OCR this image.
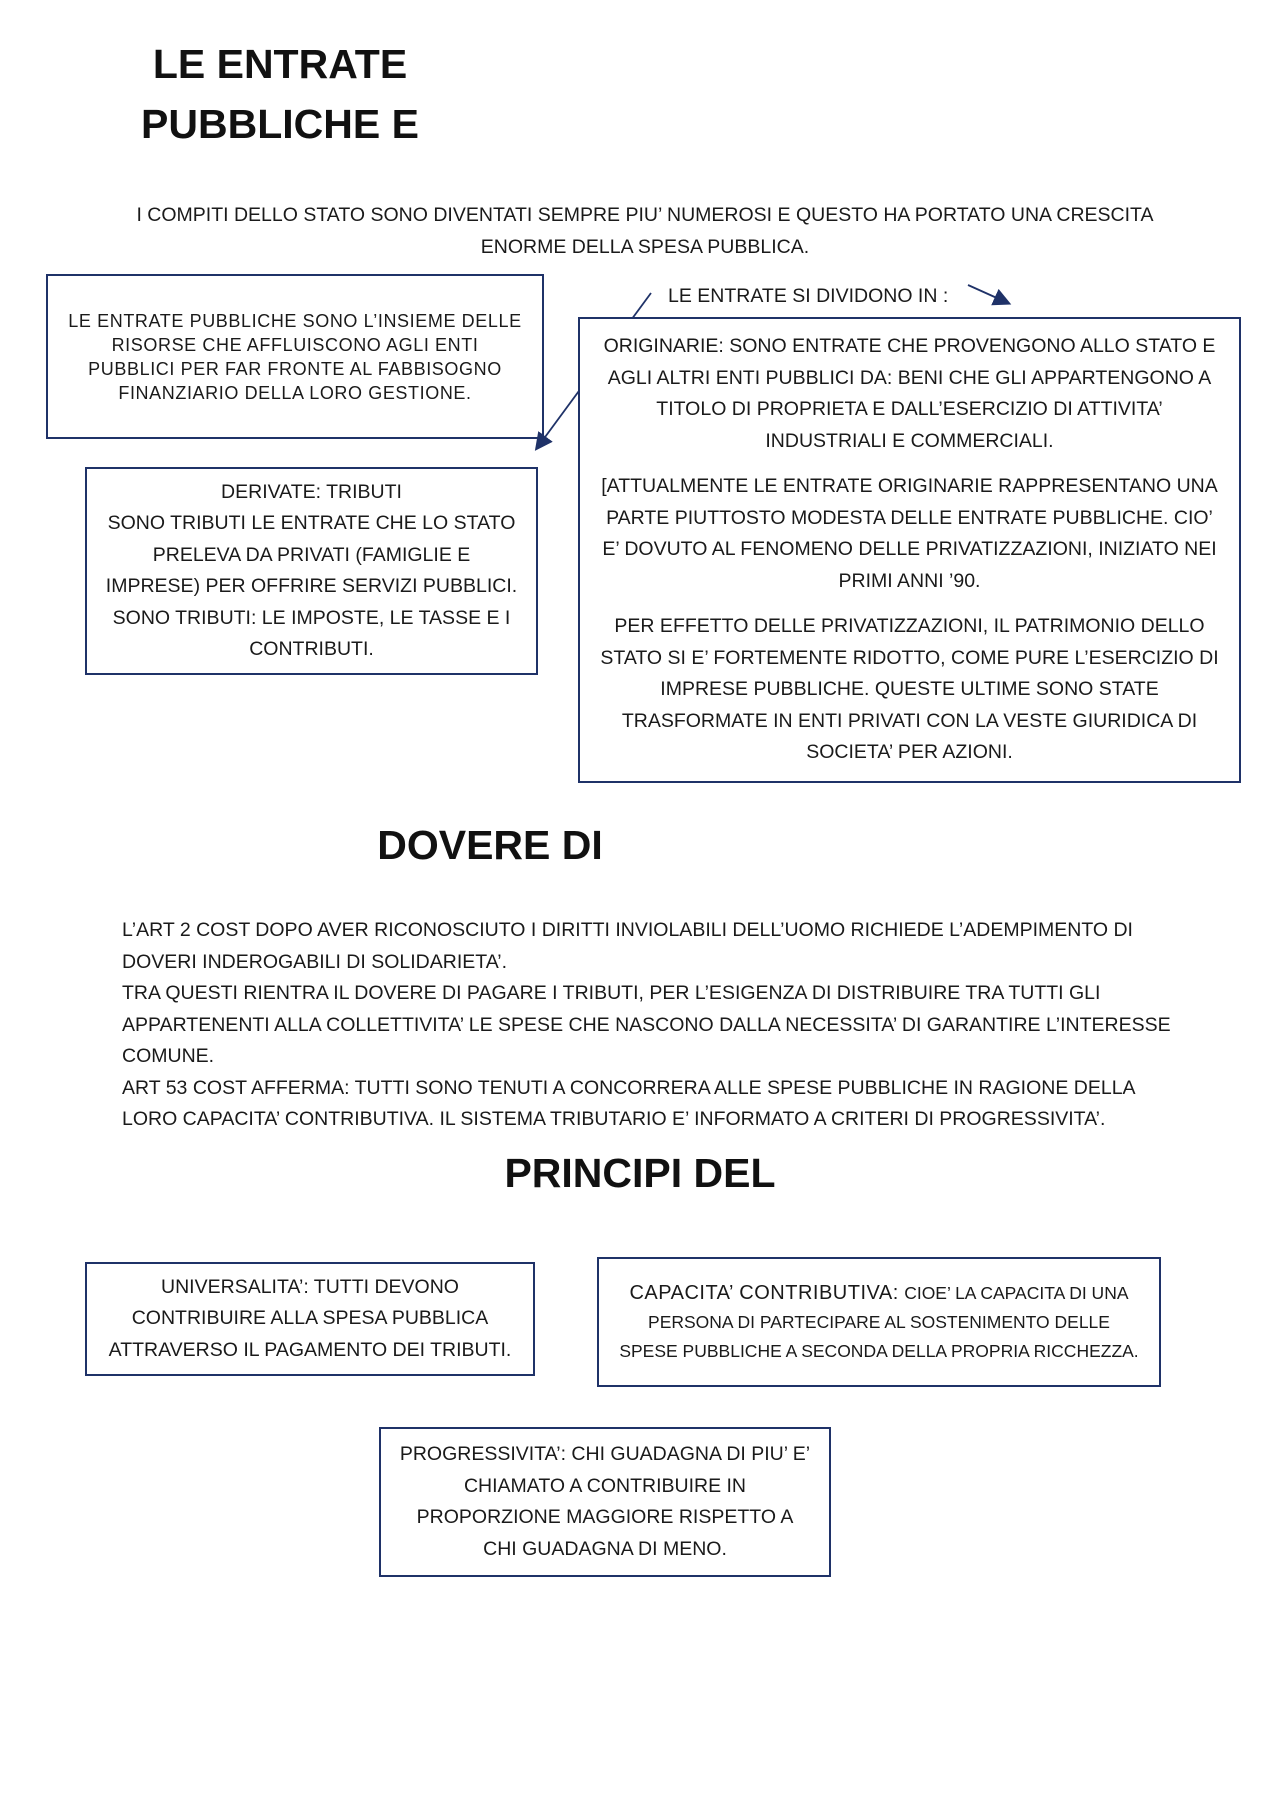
LE ENTRATE
PUBBLICHE E
I COMPITI DELLO STATO SONO DIVENTATI SEMPRE PIU’ NUMEROSI E QUESTO HA PORTATO UNA CRESCITA ENORME DELLA SPESA PUBBLICA.
LE ENTRATE PUBBLICHE SONO L’INSIEME DELLE RISORSE CHE AFFLUISCONO AGLI ENTI PUBBLICI PER FAR FRONTE AL FABBISOGNO FINANZIARIO DELLA LORO GESTIONE.
LE ENTRATE SI DIVIDONO IN :
DERIVATE: TRIBUTI
SONO TRIBUTI LE ENTRATE CHE LO STATO PRELEVA DA PRIVATI (FAMIGLIE E IMPRESE) PER OFFRIRE SERVIZI PUBBLICI. SONO TRIBUTI: LE IMPOSTE, LE TASSE E I CONTRIBUTI.

ORIGINARIE: SONO ENTRATE CHE PROVENGONO ALLO STATO E AGLI ALTRI ENTI PUBBLICI DA: BENI CHE GLI APPARTENGONO A TITOLO DI PROPRIETA E DALL’ESERCIZIO DI ATTIVITA’ INDUSTRIALI E COMMERCIALI.

[ATTUALMENTE LE ENTRATE ORIGINARIE RAPPRESENTANO UNA PARTE PIUTTOSTO MODESTA DELLE ENTRATE PUBBLICHE. CIO’ E’ DOVUTO AL FENOMENO DELLE PRIVATIZZAZIONI, INIZIATO NEI PRIMI ANNI ’90.

PER EFFETTO DELLE PRIVATIZZAZIONI, IL PATRIMONIO DELLO STATO SI E’ FORTEMENTE RIDOTTO, COME PURE L’ESERCIZIO DI IMPRESE PUBBLICHE. QUESTE ULTIME SONO STATE TRASFORMATE IN ENTI PRIVATI CON LA VESTE GIURIDICA DI SOCIETA’ PER AZIONI.

DOVERE DI
L’ART 2 COST DOPO AVER RICONOSCIUTO I DIRITTI INVIOLABILI DELL’UOMO RICHIEDE L’ADEMPIMENTO DI
DOVERI INDEROGABILI DI SOLIDARIETA’.
TRA QUESTI RIENTRA IL DOVERE DI PAGARE I TRIBUTI, PER L’ESIGENZA DI DISTRIBUIRE TRA TUTTI GLI
APPARTENENTI ALLA COLLETTIVITA’ LE SPESE CHE NASCONO DALLA NECESSITA’ DI GARANTIRE L’INTERESSE
COMUNE.
ART 53 COST AFFERMA: TUTTI SONO TENUTI A CONCORRERA ALLE SPESE PUBBLICHE IN RAGIONE DELLA
LORO CAPACITA’ CONTRIBUTIVA. IL SISTEMA TRIBUTARIO E’ INFORMATO A CRITERI DI PROGRESSIVITA’.
PRINCIPI DEL
UNIVERSALITA’: TUTTI DEVONO CONTRIBUIRE ALLA SPESA PUBBLICA ATTRAVERSO IL PAGAMENTO DEI TRIBUTI.
CAPACITA’ CONTRIBUTIVA: CIOE’ LA CAPACITA DI UNA PERSONA DI PARTECIPARE AL SOSTENIMENTO DELLE SPESE PUBBLICHE A SECONDA DELLA PROPRIA RICCHEZZA.
PROGRESSIVITA’: CHI GUADAGNA DI PIU’ E’ CHIAMATO A CONTRIBUIRE IN PROPORZIONE MAGGIORE RISPETTO A CHI GUADAGNA DI MENO.
